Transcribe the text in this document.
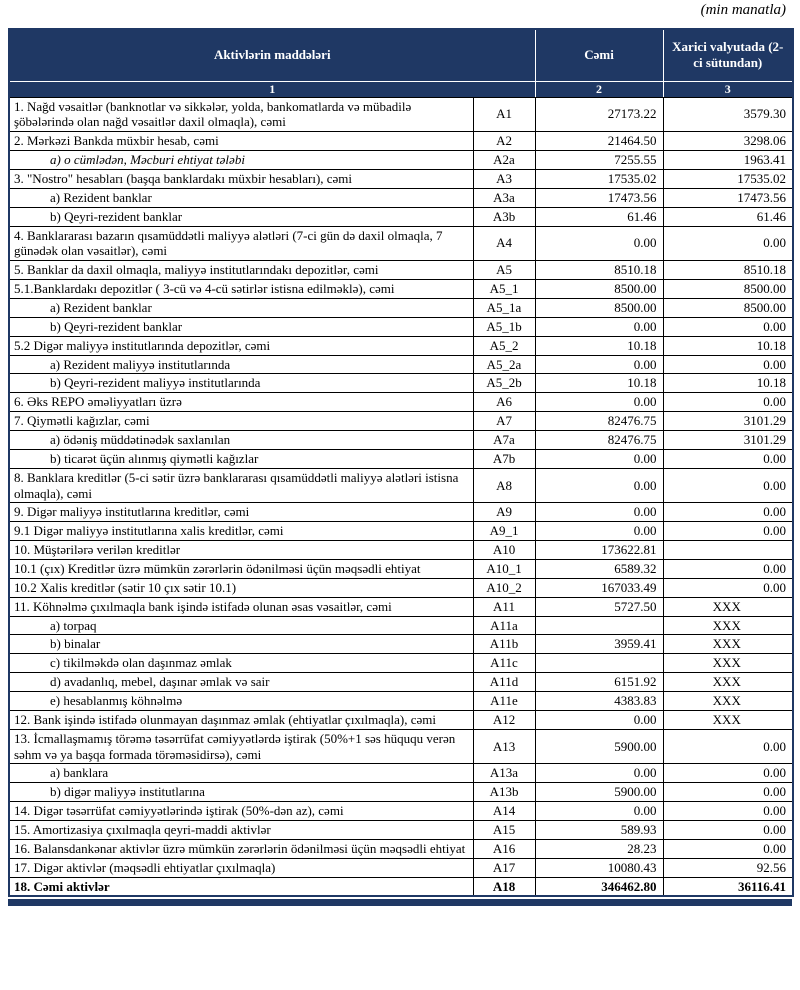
(min manatla)
Aktivlərin maddələri		Cəmi	Xarici valyutada (2-ci sütundan)
1		2	3
1. Nağd vəsaitlər (banknotlar və sikkələr, yolda, bankomatlarda və mübadilə şöbələrində olan nağd vəsaitlər daxil olmaqla), cəmi	A1	27173.22	3579.30
2. Mərkəzi Bankda müxbir hesab, cəmi	A2	21464.50	3298.06
a) o cümlədən, Məcburi ehtiyat tələbi	A2a	7255.55	1963.41
3. "Nostro" hesabları (başqa banklardakı müxbir hesabları), cəmi	A3	17535.02	17535.02
a) Rezident banklar	A3a	17473.56	17473.56
b) Qeyri-rezident banklar	A3b	61.46	61.46
4. Banklararası bazarın qısamüddətli maliyyə alətləri (7-ci gün də daxil olmaqla, 7 günədək olan vəsaitlər), cəmi	A4	0.00	0.00
5. Banklar da daxil olmaqla, maliyyə institutlarındakı depozitlər, cəmi	A5	8510.18	8510.18
5.1.Banklardakı depozitlər ( 3-cü və 4-cü sətirlər istisna edilməklə), cəmi	A5_1	8500.00	8500.00
a) Rezident banklar	A5_1a	8500.00	8500.00
b) Qeyri-rezident banklar	A5_1b	0.00	0.00
5.2 Digər maliyyə institutlarında depozitlər, cəmi	A5_2	10.18	10.18
a) Rezident maliyyə institutlarında	A5_2a	0.00	0.00
b) Qeyri-rezident maliyyə institutlarında	A5_2b	10.18	10.18
6. Əks REPO əməliyyatları üzrə	A6	0.00	0.00
7. Qiymətli kağızlar, cəmi	A7	82476.75	3101.29
a) ödəniş müddətinədək saxlanılan	A7a	82476.75	3101.29
b) ticarət üçün alınmış qiymətli kağızlar	A7b	0.00	0.00
8. Banklara kreditlər (5-ci sətir üzrə banklararası qısamüddətli maliyyə alətləri istisna olmaqla), cəmi	A8	0.00	0.00
9. Digər maliyyə institutlarına kreditlər, cəmi	A9	0.00	0.00
9.1 Digər maliyyə institutlarına xalis kreditlər, cəmi	A9_1	0.00	0.00
10. Müştərilərə verilən kreditlər	A10	173622.81	
10.1 (çıx) Kreditlər üzrə mümkün zərərlərin ödənilməsi üçün məqsədli ehtiyat	A10_1	6589.32	0.00
10.2 Xalis kreditlər (sətir 10 çıx sətir 10.1)	A10_2	167033.49	0.00
11. Köhnəlmə çıxılmaqla bank işində istifadə olunan əsas vəsaitlər, cəmi	A11	5727.50	XXX
a) torpaq	A11a		XXX
b) binalar	A11b	3959.41	XXX
c) tikilməkdə olan daşınmaz əmlak	A11c		XXX
d) avadanlıq, mebel, daşınar əmlak və sair	A11d	6151.92	XXX
e) hesablanmış köhnəlmə	A11e	4383.83	XXX
12. Bank işində istifadə olunmayan daşınmaz əmlak (ehtiyatlar çıxılmaqla), cəmi	A12	0.00	XXX
13. İcmallaşmamış törəmə təsərrüfat cəmiyyətlərdə iştirak (50%+1 səs hüququ verən səhm və ya başqa formada törəməsidirsə), cəmi	A13	5900.00	0.00
a) banklara	A13a	0.00	0.00
b) digər maliyyə institutlarına	A13b	5900.00	0.00
14. Digər təsərrüfat cəmiyyətlərində iştirak (50%-dən az), cəmi	A14	0.00	0.00
15. Amortizasiya çıxılmaqla qeyri-maddi aktivlər	A15	589.93	0.00
16. Balansdankənar aktivlər üzrə mümkün zərərlərin ödənilməsi üçün məqsədli ehtiyat	A16	28.23	0.00
17. Digər aktivlər (məqsədli ehtiyatlar çıxılmaqla)	A17	10080.43	92.56
18. Cəmi aktivlər	A18	346462.80	36116.41
